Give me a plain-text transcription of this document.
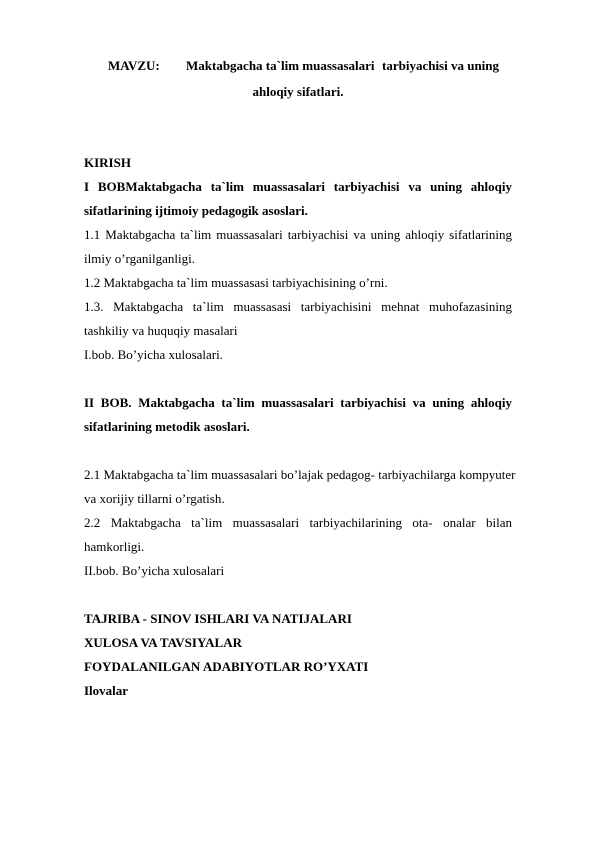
MAVZU: Maktabgacha ta`lim muassasalari tarbiyachisi va uning
ahloqiy sifatlari.
KIRISH
I BOBMaktabgacha ta`lim muassasalari tarbiyachisi va uning ahloqiy
sifatlarining ijtimoiy pedagogik asoslari.
1.1 Maktabgacha ta`lim muassasalari tarbiyachisi va uning ahloqiy sifatlarining
ilmiy o’rganilganligi.
1.2 Maktabgacha ta`lim muassasasi tarbiyachisining o’rni.
1.3. Maktabgacha ta`lim muassasasi tarbiyachisini mehnat muhofazasining
tashkiliy va huquqiy masalari
I.bob. Bo’yicha xulosalari.
II BOB. Maktabgacha ta`lim muassasalari tarbiyachisi va uning ahloqiy
sifatlarining metodik asoslari.
2.1 Maktabgacha ta`lim muassasalari bo’lajak pedagog- tarbiyachilarga kompyuter
va xorijiy tillarni o’rgatish.
2.2 Maktabgacha ta`lim muassasalari tarbiyachilarining ota- onalar bilan
hamkorligi.
II.bob. Bo’yicha xulosalari
TAJRIBA - SINOV ISHLARI VA NATIJALARI
XULOSA VA TAVSIYALAR
FOYDALANILGAN ADABIYOTLAR RO’YXATI
Ilovalar
